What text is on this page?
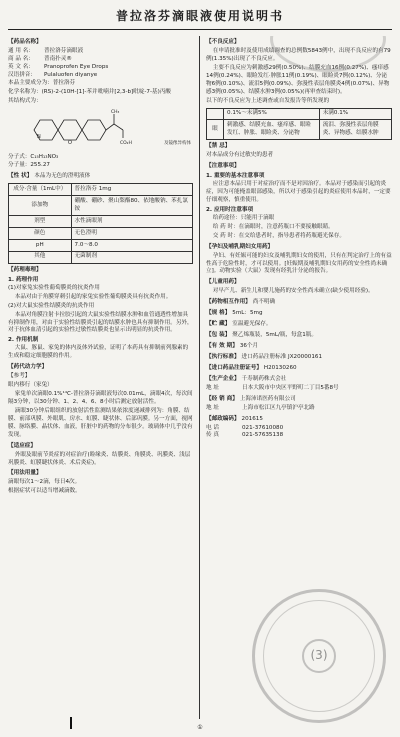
普拉洛芬滴眼液使用说明书
【药品名称】
通 用 名：	普拉洛芬滴眼液
商 品 名：	普南扑灵®
英 文 名：	Pranoprofen Eye Drops
汉语拼音：	Pulaluofen diyanye

本品主要成分为：普拉洛芬

化学名称为：(RS)-2-(10H-[1]-苯并吡喃并[2,3-b]吡啶-7-基)丙酸

其结构式为：

N
O
CH₃
CO₂H	及镜像异构体

分子式：C₁₅H₁₃NO₃

分子量：255.27

【性 状】 本品为无色的澄明液体
成分·含量（1mL中）	普拉洛芬 1mg
添加物	硼酸、硼砂、聚山梨酯80、依地酸钠、苯扎氯铵
剂型	水性滴眼剂
颜色	无色澄明
pH	7.0～8.0
其他	无菌制剂
【药理毒理】

1. 药理作用

(1)对家兔实验性葡萄膜炎的抗炎作用

本品对由于角膜穿刺引起的家兔实验性葡萄膜炎具有抗炎作用。

(2)对大鼠实验性结膜炎的抗炎作用

本品对角膜注射卡拉胶引起的大鼠实验性结膜水肿和血管通透性增加具有抑制作用，对由于实验性结膜炎引起的结膜水肿也具有抑制作用。另外，对于抗体血清引起的实验性过敏性结膜炎也显示出明显的抗炎作用。

2. 作用机制

大鼠、豚鼠、家兔的体内及体外试验，证明了本药具有抑制前列腺素的生成和稳定细胞膜的作用。

【药代动力学】

【参考】

眼内移行（家兔）

家兔单次滴眼0.1%¹⁴C-普拉洛芬滴眼液每次0.01mL，滴眼4次，每次间隔3分钟，以30分钟、1、2、4、6、8小时后测定放射活性。

滴眼30分钟后眼组织的放射活性监测结果依浓度递减排列为：角膜、结膜、前部巩膜、外眼肌、房水、虹膜、睫状体、后部巩膜。另一方面，视网膜、脉络膜、晶状体、血液，肝脏中的药物的分布很少。玻璃体中几乎没有发现。

【适应症】

外眼及眼前节炎症的对症治疗(睑缘炎、结膜炎、角膜炎、巩膜炎、浅层巩膜炎、虹膜睫状体炎、术后炎症)。

【用法用量】

滴眼每次1～2滴，每日4次。

根据症状可以适当增减滴数。

【不良反应】

在申请批准时及使用成绩调查的总例数5843例中，出现不良反应的有79例(1.35%)出现了不良反应。

主要不良反应为刺激感29例(0.50%)、结膜充血16例(0.27%)、瘙痒感14例(0.24%)、眼睑发红·肿胀11例(0.19%)、眼睑炎7例(0.12%)、分泌物6例(0.10%)、流泪5例(0.09%)、弥漫性表层角膜炎4例(0.07%)、异物感3例(0.05%)、结膜水肿3例(0.05%)(再审查结束时)。

以下的不良反应为上述调查或自发报告等所发现的

	0.1%～未满5%	未满0.1%
眼	刺激感、结膜充血、瘙痒感、眼睑发红、肿胀、眼睑炎、分泌物	流泪、弥漫性表层角膜炎、异物感、结膜水肿
【禁 忌】

对本品成分有过敏史的患者

【注意事项】

1. 重要的基本注意事项

应注意本品只用于对症治疗而不是对因治疗。本品对于感染而引起的炎症，因为可能掩盖眼部感染，所以对于感染引起的炎症使用本品时，一定要仔细观察，慎重使用。

2. 应用时注意事项

给药途径：只能用于滴眼

给 药 时：在滴眼时，注意药瓶口不要接触眼睛。

交 药 时：在交给患者时，指导患者将药瓶避光保存。

【孕妇及哺乳期妇女用药】

孕妇、有妊娠可能的妇女及哺乳期妇女的使用，只有在判定治疗上的有益性高于危险性时，才可以使用。[妊娠期及哺乳期妇女用药的安全性尚未确立]。动物实验（大鼠）发现有经乳汁分泌的报告。

【儿童用药】

对早产儿、新生儿和婴儿施药的安全性尚未确立(缺少使用经验)。

【药物相互作用】 尚不明确
【规 格】 5mL：5mg
【贮 藏】 室温避光保存。
【包 装】 聚乙烯瓶装，5mL/瓶，每盒1瓶。
【有 效 期】 36个月
【执行标准】 进口药品注册标准 JX20000161
【进口药品注册证号】 H20130260
【生产企业】 千寿制药株式会社
地 址	日本大阪市中央区平野町二丁目5番8号
【经 销 商】 上海沛诺医药有限公司
地 址	上海市松江区九亭镇沪亭北路
【邮政编码】 201615
电 话	021-37610080
传 真	021-57635138
(3)
①
